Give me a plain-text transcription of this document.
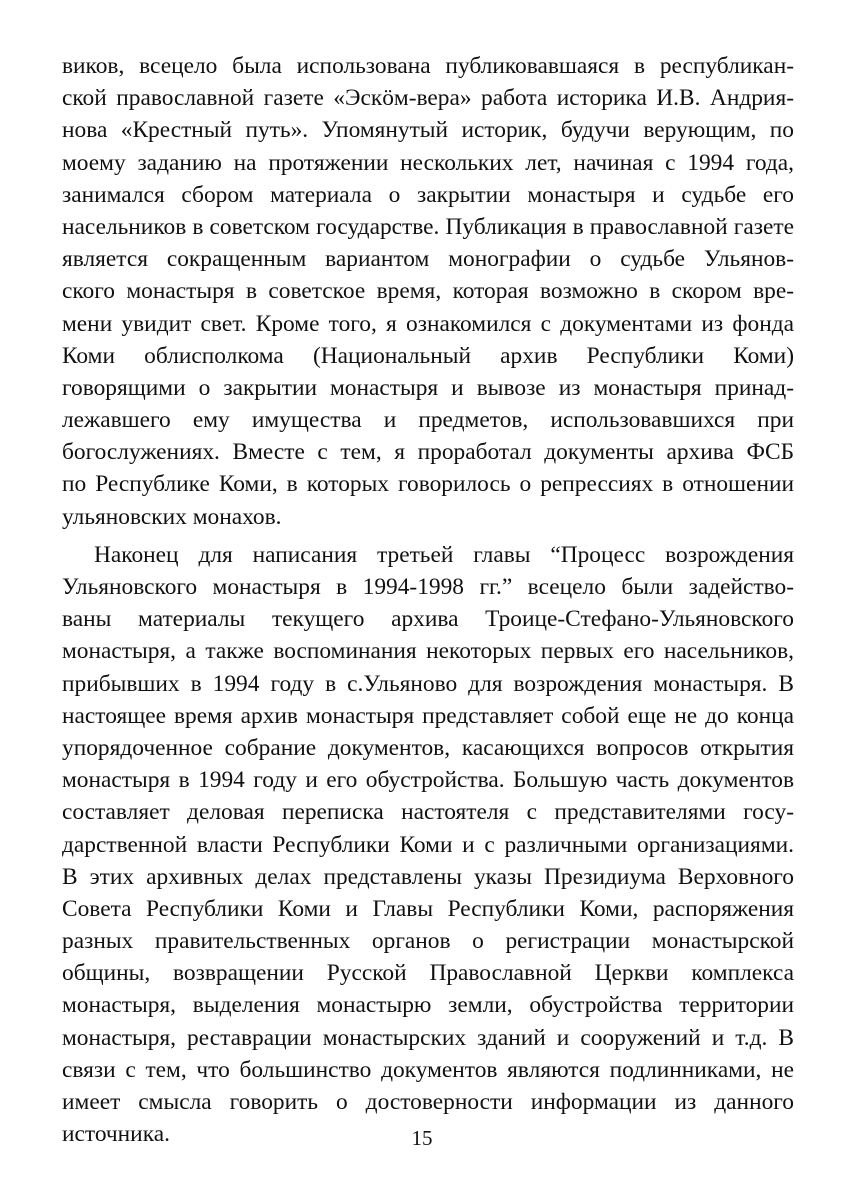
виков, всецело была использована публиковавшаяся в республикан-
ской православной газете «Эскöм-вера» работа историка И.В. Андрия-
нова «Крестный путь». Упомянутый историк, будучи верующим, по
моему заданию на протяжении нескольких лет, начиная с 1994 года,
занимался сбором материала о закрытии монастыря и судьбе его
насельников в советском государстве. Публикация в православной газете
является сокращенным вариантом монографии о судьбе Ульянов-
ского монастыря в советское время, которая возможно в скором вре-
мени увидит свет. Кроме того, я ознакомился с документами из фонда
Коми облисполкома (Национальный архив Республики Коми)
говорящими о закрытии монастыря и вывозе из монастыря принад-
лежавшего ему имущества и предметов, использовавшихся при
богослужениях. Вместе с тем, я проработал документы архива ФСБ
по Республике Коми, в которых говорилось о репрессиях в отношении
ульяновских монахов.
Наконец для написания третьей главы “Процесс возрождения
Ульяновского монастыря в 1994-1998 гг.” всецело были задейство-
ваны материалы текущего архива Троице-Стефано-Ульяновского
монастыря, а также воспоминания некоторых первых его насельников,
прибывших в 1994 году в с.Ульяново для возрождения монастыря. В
настоящее время архив монастыря представляет собой еще не до конца
упорядоченное собрание документов, касающихся вопросов открытия
монастыря в 1994 году и его обустройства. Большую часть документов
составляет деловая переписка настоятеля с представителями госу-
дарственной власти Республики Коми и с различными организациями.
В этих архивных делах представлены указы Президиума Верховного
Совета Республики Коми и Главы Республики Коми, распоряжения
разных правительственных органов о регистрации монастырской
общины, возвращении Русской Православной Церкви комплекса
монастыря, выделения монастырю земли, обустройства территории
монастыря, реставрации монастырских зданий и сооружений и т.д. В
связи с тем, что большинство документов являются подлинниками, не
имеет смысла говорить о достоверности информации из данного
источника.	15
